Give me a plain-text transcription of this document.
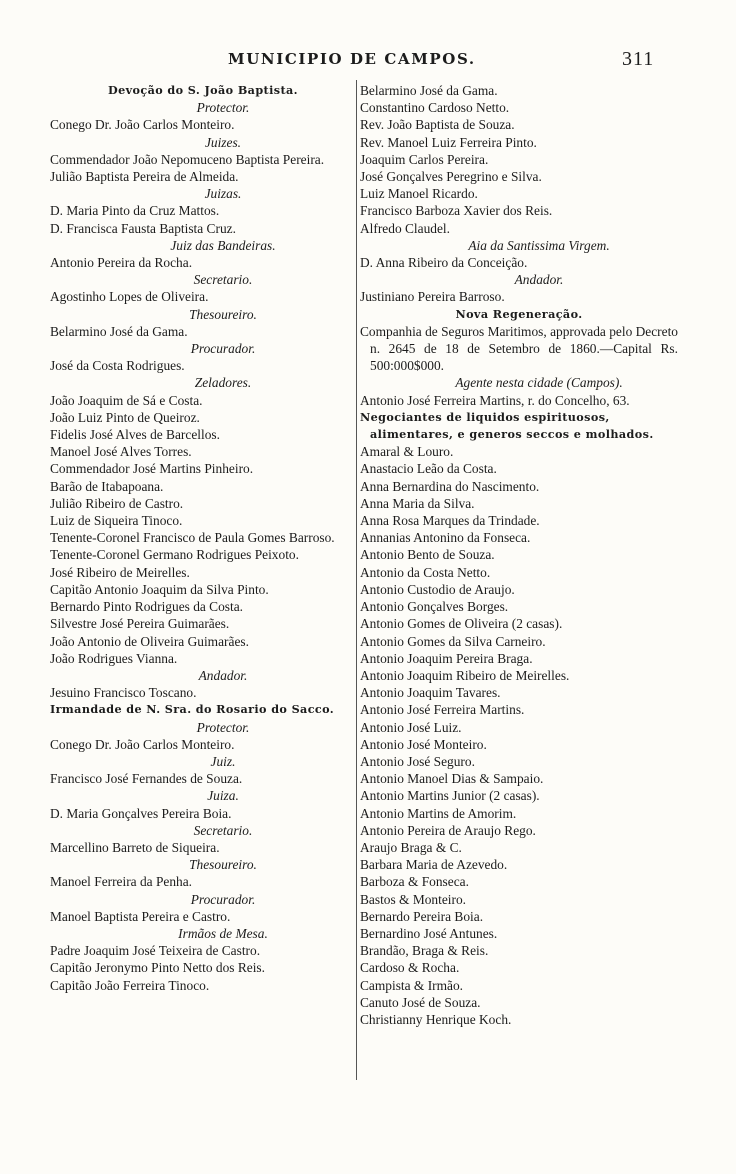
MUNICIPIO DE CAMPOS.	311
Devoção do S. João Baptista.
Protector.
Conego Dr. João Carlos Monteiro.
Juizes.
Commendador João Nepomuceno Baptista Pereira.
Julião Baptista Pereira de Almeida.
Juizas.
D. Maria Pinto da Cruz Mattos.
D. Francisca Fausta Baptista Cruz.
Juiz das Bandeiras.
Antonio Pereira da Rocha.
Secretario.
Agostinho Lopes de Oliveira.
Thesoureiro.
Belarmino José da Gama.
Procurador.
José da Costa Rodrigues.
Zeladores.
João Joaquim de Sá e Costa.
João Luiz Pinto de Queiroz.
Fidelis José Alves de Barcellos.
Manoel José Alves Torres.
Commendador José Martins Pinheiro.
Barão de Itabapoana.
Julião Ribeiro de Castro.
Luiz de Siqueira Tinoco.
Tenente-Coronel Francisco de Paula Gomes Barroso.
Tenente-Coronel Germano Rodrigues Peixoto.
José Ribeiro de Meirelles.
Capitão Antonio Joaquim da Silva Pinto.
Bernardo Pinto Rodrigues da Costa.
Silvestre José Pereira Guimarães.
João Antonio de Oliveira Guimarães.
João Rodrigues Vianna.
Andador.
Jesuino Francisco Toscano.
Irmandade de N. Sra. do Rosario do Sacco.
Protector.
Conego Dr. João Carlos Monteiro.
Juiz.
Francisco José Fernandes de Souza.
Juiza.
D. Maria Gonçalves Pereira Boia.
Secretario.
Marcellino Barreto de Siqueira.
Thesoureiro.
Manoel Ferreira da Penha.
Procurador.
Manoel Baptista Pereira e Castro.
Irmãos de Mesa.
Padre Joaquim José Teixeira de Castro.
Capitão Jeronymo Pinto Netto dos Reis.
Capitão João Ferreira Tinoco.
Belarmino José da Gama.
Constantino Cardoso Netto.
Rev. João Baptista de Souza.
Rev. Manoel Luiz Ferreira Pinto.
Joaquim Carlos Pereira.
José Gonçalves Peregrino e Silva.
Luiz Manoel Ricardo.
Francisco Barboza Xavier dos Reis.
Alfredo Claudel.
Aia da Santissima Virgem.
D. Anna Ribeiro da Conceição.
Andador.
Justiniano Pereira Barroso.
Nova Regeneração.
Companhia de Seguros Maritimos, approvada pelo Decreto n. 2645 de 18 de Setembro de 1860.—Capital Rs. 500:000$000.
Agente nesta cidade (Campos).
Antonio José Ferreira Martins, r. do Concelho, 63.
Negociantes de liquidos espirituosos, alimentares, e generos seccos e molhados.
Amaral & Louro.
Anastacio Leão da Costa.
Anna Bernardina do Nascimento.
Anna Maria da Silva.
Anna Rosa Marques da Trindade.
Annanias Antonino da Fonseca.
Antonio Bento de Souza.
Antonio da Costa Netto.
Antonio Custodio de Araujo.
Antonio Gonçalves Borges.
Antonio Gomes de Oliveira (2 casas).
Antonio Gomes da Silva Carneiro.
Antonio Joaquim Pereira Braga.
Antonio Joaquim Ribeiro de Meirelles.
Antonio Joaquim Tavares.
Antonio José Ferreira Martins.
Antonio José Luiz.
Antonio José Monteiro.
Antonio José Seguro.
Antonio Manoel Dias & Sampaio.
Antonio Martins Junior (2 casas).
Antonio Martins de Amorim.
Antonio Pereira de Araujo Rego.
Araujo Braga & C.
Barbara Maria de Azevedo.
Barboza & Fonseca.
Bastos & Monteiro.
Bernardo Pereira Boia.
Bernardino José Antunes.
Brandão, Braga & Reis.
Cardoso & Rocha.
Campista & Irmão.
Canuto José de Souza.
Christianny Henrique Koch.
